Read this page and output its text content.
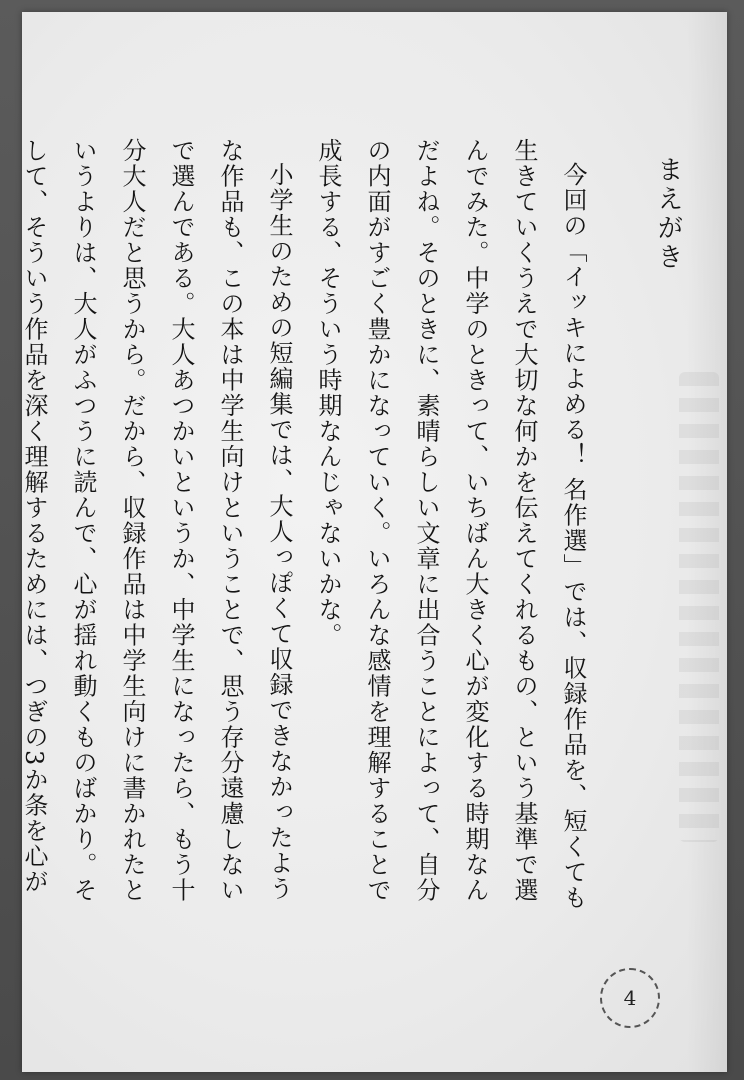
まえがき
今回の「イッキによめる！ 名作選」では、収録作品を、短くても生きていくうえで大切な何かを伝えてくれるもの、という基準で選んでみた。中学のときって、いちばん大きく心が変化する時期なんだよね。そのときに、素晴らしい文章に出合うことによって、自分の内面がすごく豊かになっていく。いろんな感情を理解することで成長する、そういう時期なんじゃないかな。
小学生のための短編集では、大人っぽくて収録できなかったような作品も、この本は中学生向けということで、思う存分遠慮しないで選んである。大人あつかいというか、中学生になったら、もう十分大人だと思うから。だから、収録作品は中学生向けに書かれたというよりは、大人がふつうに読んで、心が揺れ動くものばかり。そして、そういう作品を深く理解するためには、つぎの3か条を心が
4
